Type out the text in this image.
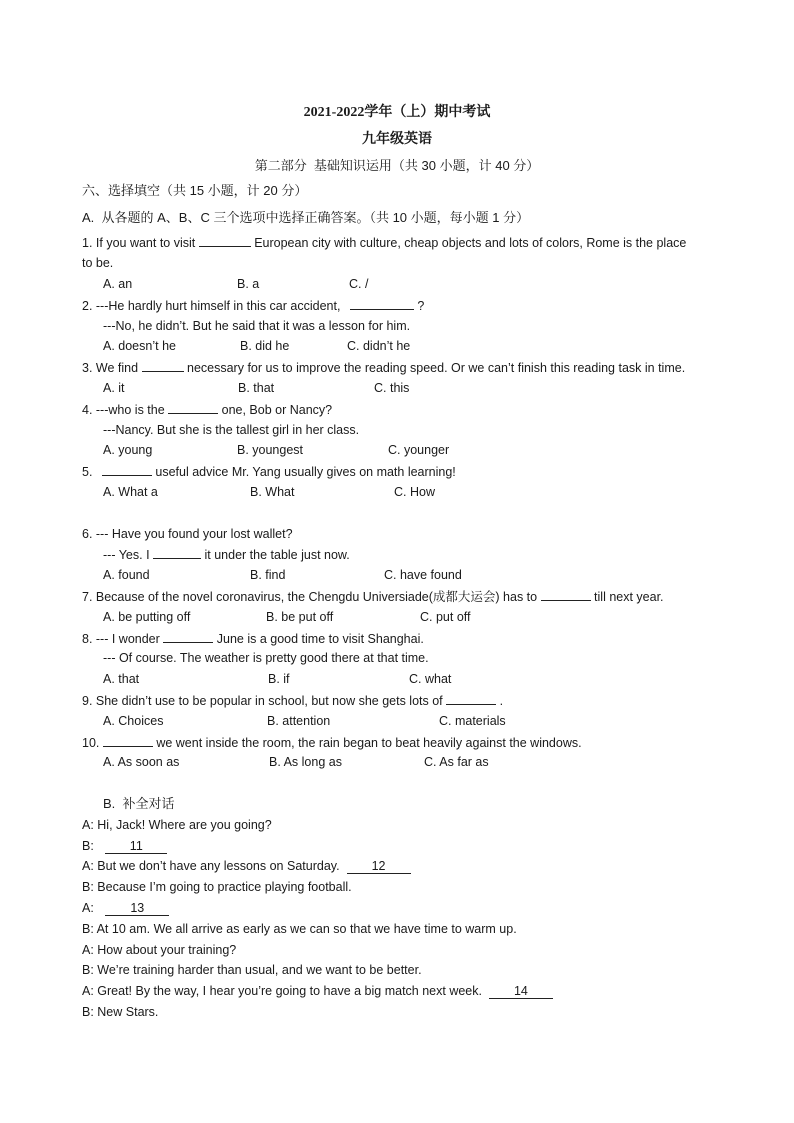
2021-2022学年（上）期中考试
九年级英语
第二部分  基础知识运用（共 30 小题，计 40 分）
六、选择填空（共 15 小题，计 20 分）
A.  从各题的 A、B、C 三个选项中选择正确答案。（共 10 小题，每小题 1 分）
1. If you want to visit	European city with culture, cheap objects and lots of colors, Rome is the place
to be.
A. an	B. a	C. /
2. ---He hardly hurt himself in this car accident,	?
---No, he didn’t. But he said that it was a lesson for him.
A. doesn’t he	B. did he	C. didn’t he
3. We find	necessary for us to improve the reading speed. Or we can’t finish this reading task in time.
A. it	B. that	C. this
4. ---who is the	one, Bob or Nancy?
---Nancy. But she is the tallest girl in her class.
A. young	B. youngest	C. younger
5.	useful advice Mr. Yang usually gives on math learning!
A. What a	B. What	C. How
6. --- Have you found your lost wallet?
--- Yes. I	it under the table just now.
A. found	B. find	C. have found
7. Because of the novel coronavirus, the Chengdu Universiade(成都大运会) has to	till next year.
A. be putting off	B. be put off	C. put off
8. --- I wonder	June is a good time to visit Shanghai.
--- Of course. The weather is pretty good there at that time.
A. that	B. if	C. what
9. She didn’t use to be popular in school, but now she gets lots of	.
A. Choices	B. attention	C. materials
10.	we went inside the room, the rain began to beat heavily against the windows.
A. As soon as	B. As long as	C. As far as
B.  补全对话
A: Hi, Jack! Where are you going?
B:	11
A: But we don’t have any lessons on Saturday.  12
B: Because I’m going to practice playing football.
A:	13
B: At 10 am. We all arrive as early as we can so that we have time to warm up.
A: How about your training?
B: We’re training harder than usual, and we want to be better.
A: Great! By the way, I hear you’re going to have a big match next week.  14
B: New Stars.
